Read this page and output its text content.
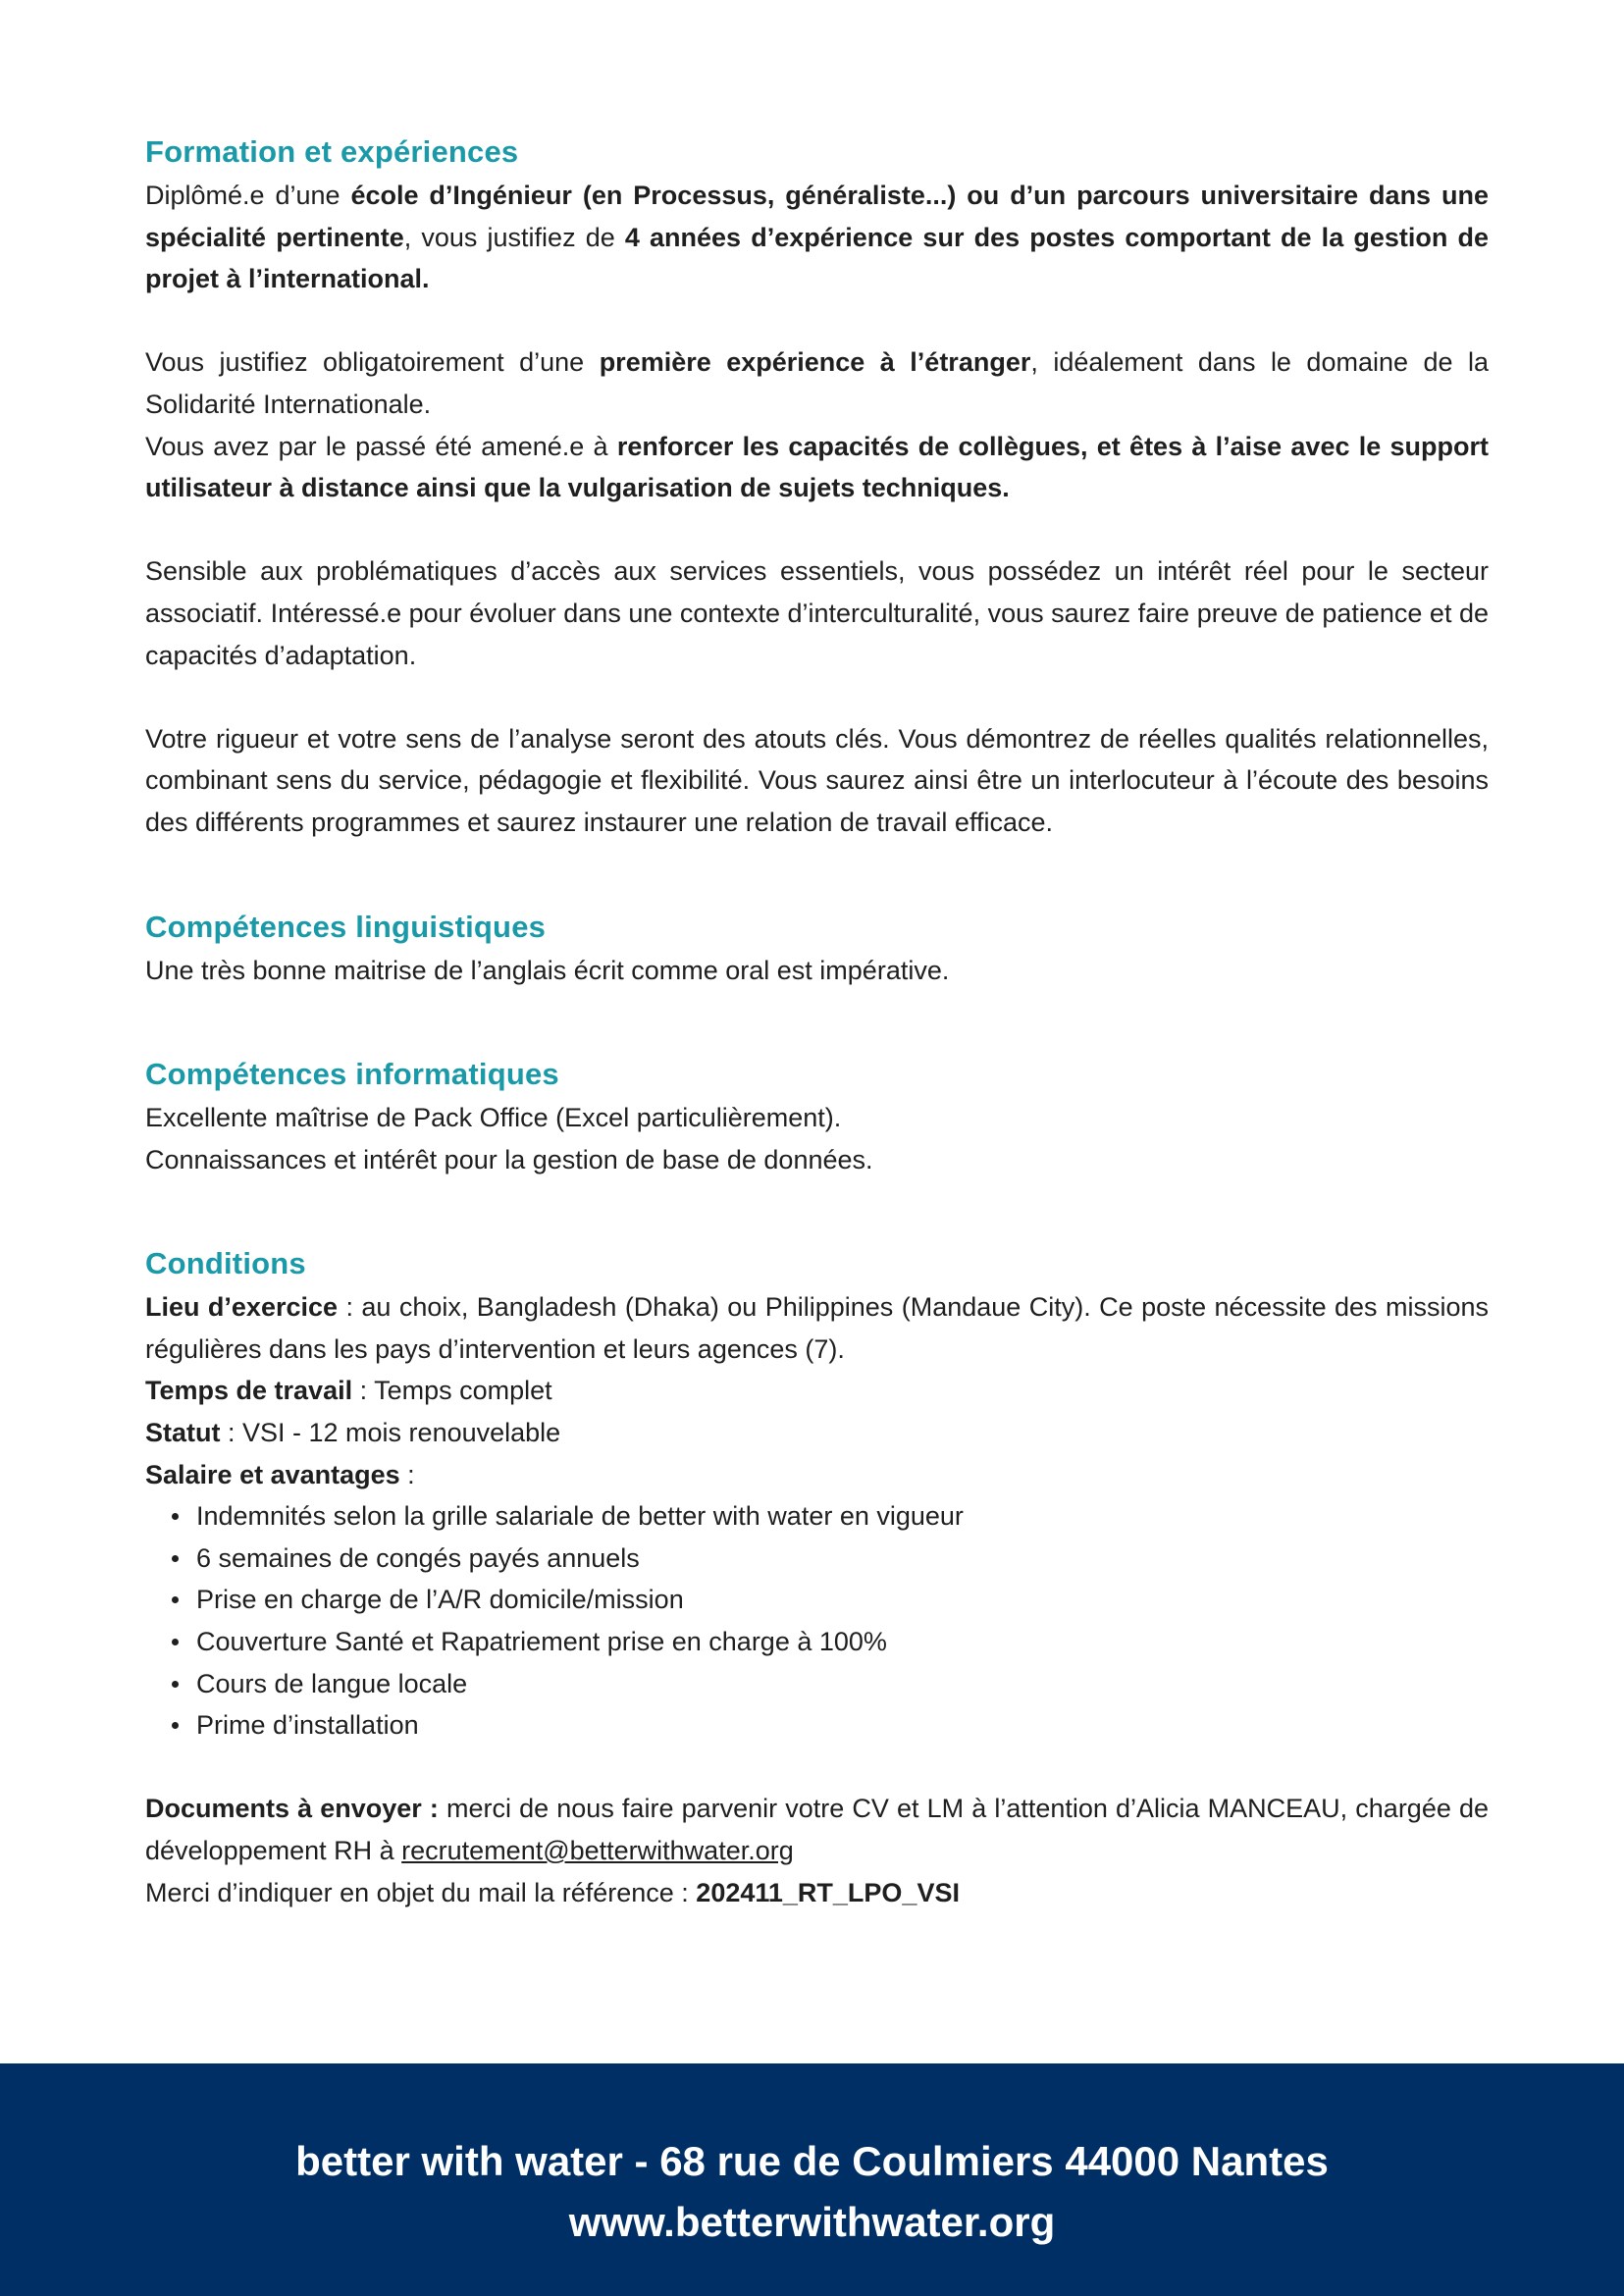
Formation et expériences

Diplômé.e d’une école d’Ingénieur (en Processus, généraliste...) ou d’un parcours universitaire dans une spécialité pertinente, vous justifiez de 4 années d’expérience sur des postes comportant de la gestion de projet à l’international.

Vous justifiez obligatoirement d’une première expérience à l’étranger, idéalement dans le domaine de la Solidarité Internationale.

Vous avez par le passé été amené.e à renforcer les capacités de collègues, et êtes à l’aise avec le support utilisateur à distance ainsi que la vulgarisation de sujets techniques.

Sensible aux problématiques d’accès aux services essentiels, vous possédez un intérêt réel pour le secteur associatif. Intéressé.e pour évoluer dans une contexte d’interculturalité, vous saurez faire preuve de patience et de capacités d’adaptation.

Votre rigueur et votre sens de l’analyse seront des atouts clés. Vous démontrez de réelles qualités relationnelles, combinant sens du service, pédagogie et flexibilité. Vous saurez ainsi être un interlocuteur à l’écoute des besoins des différents programmes et saurez instaurer une relation de travail efficace.

Compétences linguistiques

Une très bonne maitrise de l’anglais écrit comme oral est impérative.

Compétences informatiques

Excellente maîtrise de Pack Office (Excel particulièrement).

Connaissances et intérêt pour la gestion de base de données.

Conditions

Lieu d’exercice : au choix, Bangladesh (Dhaka) ou Philippines (Mandaue City). Ce poste nécessite des missions régulières dans les pays d’intervention et leurs agences (7).

Temps de travail : Temps complet

Statut : VSI - 12 mois renouvelable

Salaire et avantages :

Indemnités selon la grille salariale de better with water en vigueur
6 semaines de congés payés annuels
Prise en charge de l’A/R domicile/mission
Couverture Santé et Rapatriement prise en charge à 100%
Cours de langue locale
Prime d’installation

Documents à envoyer : merci de nous faire parvenir votre CV et LM à l’attention d’Alicia MANCEAU, chargée de développement RH à recrutement@betterwithwater.org

Merci d’indiquer en objet du mail la référence : 202411_RT_LPO_VSI

better with water - 68 rue de Coulmiers 44000 Nantes
www.betterwithwater.org
